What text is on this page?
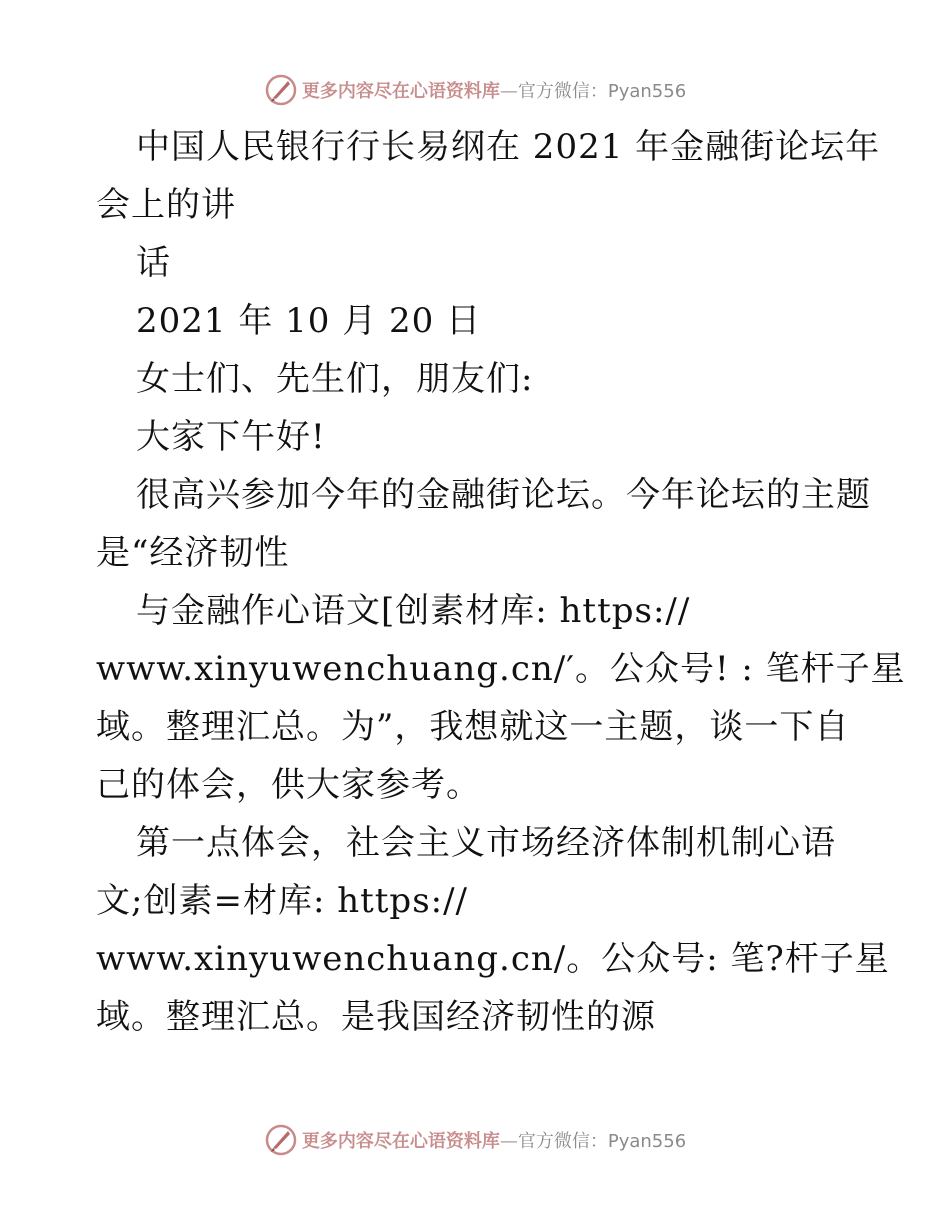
更多内容尽在心语资料库—官方微信：Pyan556
中国人民银行行长易纲在 2021 年金融街论坛年
会上的讲
话
2021 年 10 月 20 日
女士们、先生们，朋友们:
大家下午好!
很高兴参加今年的金融街论坛。今年论坛的主题
是“经济韧性
与金融作心语文[创素材库: https://
www.xinyuwenchuang.cn/′。公众号! : 笔杆子星
域。整理汇总。为”，我想就这一主题，谈一下自
己的体会，供大家参考。
第一点体会，社会主义市场经济体制机制心语
文;创素=材库: https://
www.xinyuwenchuang.cn/。公众号: 笔?杆子星
域。整理汇总。是我国经济韧性的源
更多内容尽在心语资料库—官方微信：Pyan556
